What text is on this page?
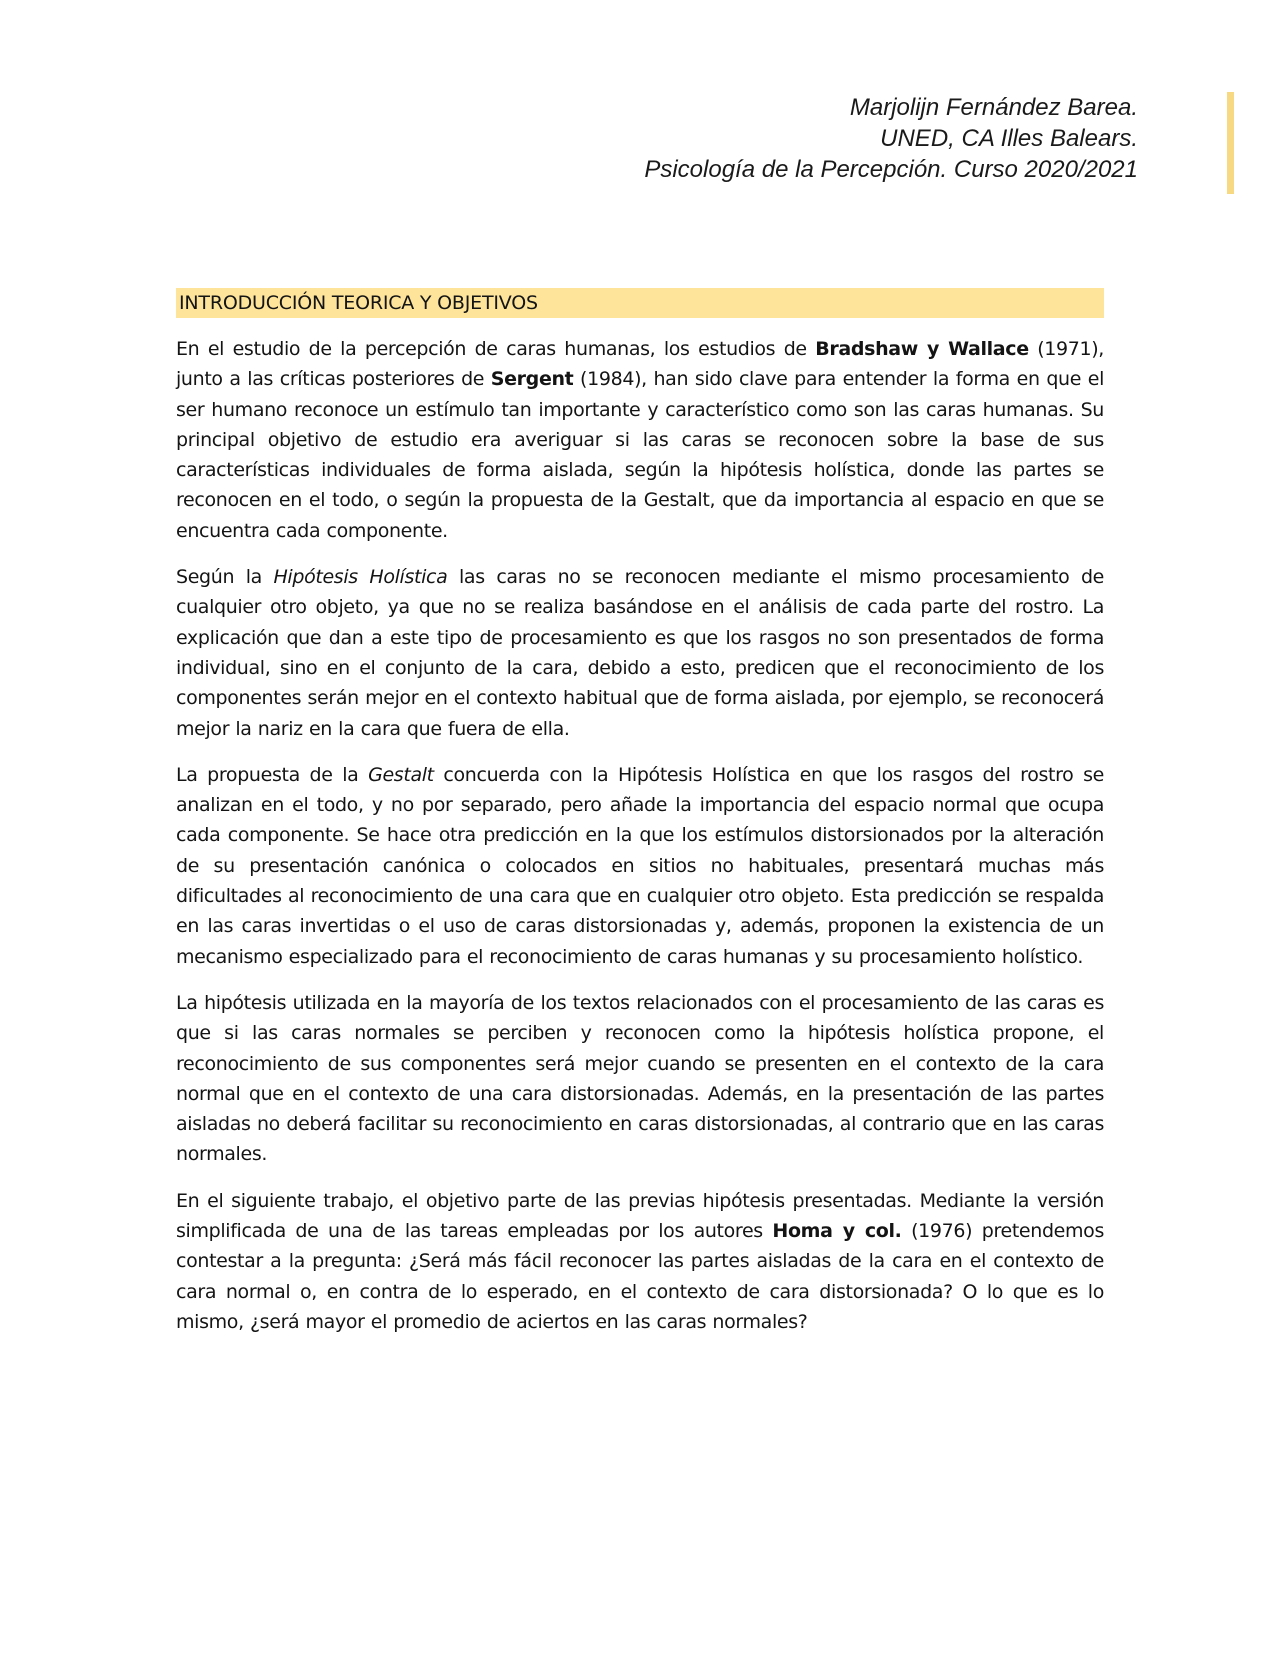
Marjolijn Fernández Barea.
UNED, CA Illes Balears.
Psicología de la Percepción. Curso 2020/2021
INTRODUCCIÓN TEORICA Y OBJETIVOS

En el estudio de la percepción de caras humanas, los estudios de Bradshaw y Wallace (1971), junto a las críticas posteriores de Sergent (1984), han sido clave para entender la forma en que el ser humano reconoce un estímulo tan importante y característico como son las caras humanas. Su principal objetivo de estudio era averiguar si las caras se reconocen sobre la base de sus características individuales de forma aislada, según la hipótesis holística, donde las partes se reconocen en el todo, o según la propuesta de la Gestalt, que da importancia al espacio en que se encuentra cada componente.

Según la Hipótesis Holística las caras no se reconocen mediante el mismo procesamiento de cualquier otro objeto, ya que no se realiza basándose en el análisis de cada parte del rostro. La explicación que dan a este tipo de procesamiento es que los rasgos no son presentados de forma individual, sino en el conjunto de la cara, debido a esto, predicen que el reconocimiento de los componentes serán mejor en el contexto habitual que de forma aislada, por ejemplo, se reconocerá mejor la nariz en la cara que fuera de ella.

La propuesta de la Gestalt concuerda con la Hipótesis Holística en que los rasgos del rostro se analizan en el todo, y no por separado, pero añade la importancia del espacio normal que ocupa cada componente. Se hace otra predicción en la que los estímulos distorsionados por la alteración de su presentación canónica o colocados en sitios no habituales, presentará muchas más dificultades al reconocimiento de una cara que en cualquier otro objeto. Esta predicción se respalda en las caras invertidas o el uso de caras distorsionadas y, además, proponen la existencia de un mecanismo especializado para el reconocimiento de caras humanas y su procesamiento holístico.

La hipótesis utilizada en la mayoría de los textos relacionados con el procesamiento de las caras es que si las caras normales se perciben y reconocen como la hipótesis holística propone, el reconocimiento de sus componentes será mejor cuando se presenten en el contexto de la cara normal que en el contexto de una cara distorsionadas. Además, en la presentación de las partes aisladas no deberá facilitar su reconocimiento en caras distorsionadas, al contrario que en las caras normales.

En el siguiente trabajo, el objetivo parte de las previas hipótesis presentadas. Mediante la versión simplificada de una de las tareas empleadas por los autores Homa y col. (1976) pretendemos contestar a la pregunta: ¿Será más fácil reconocer las partes aisladas de la cara en el contexto de cara normal o, en contra de lo esperado, en el contexto de cara distorsionada? O lo que es lo mismo, ¿será mayor el promedio de aciertos en las caras normales?
